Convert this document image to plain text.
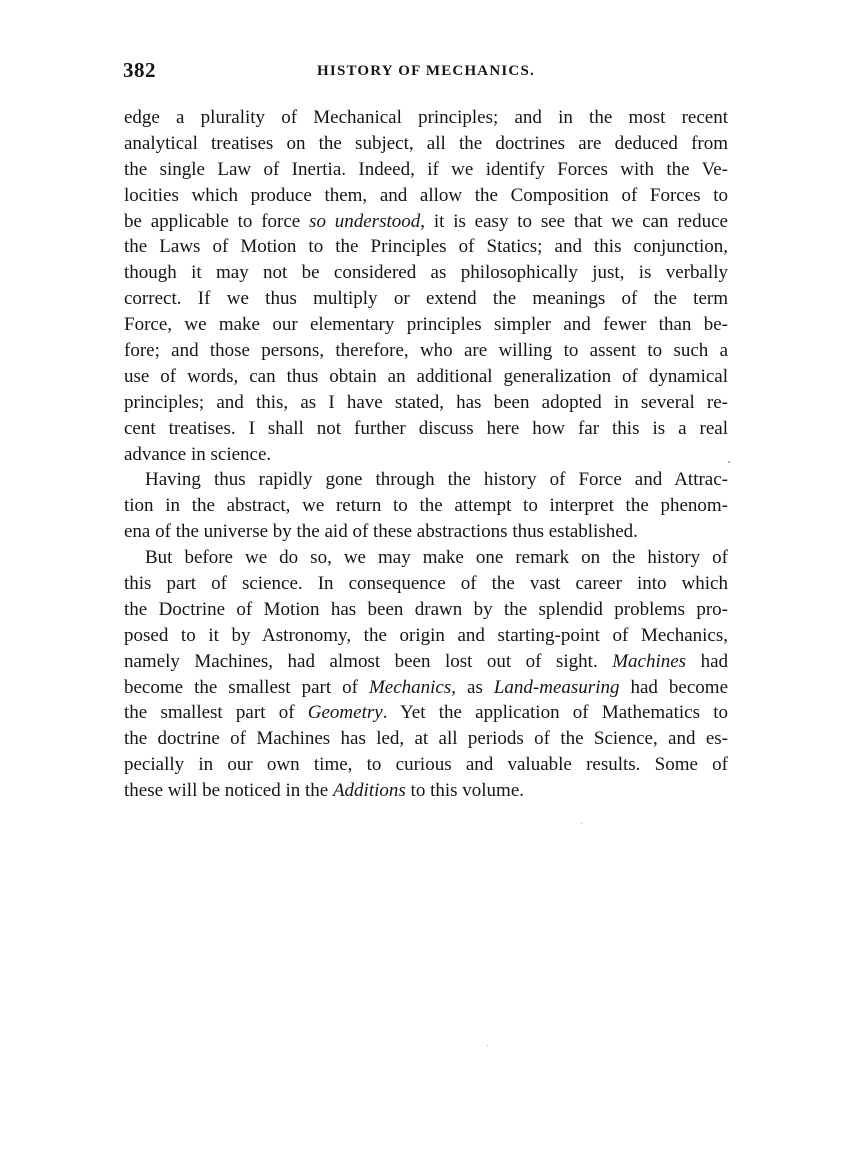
382	HISTORY OF MECHANICS.
edge a plurality of Mechanical principles; and in the most recent
analytical treatises on the subject, all the doctrines are deduced from
the single Law of Inertia. Indeed, if we identify Forces with the Ve-
locities which produce them, and allow the Composition of Forces to
be applicable to force so understood, it is easy to see that we can reduce
the Laws of Motion to the Principles of Statics; and this conjunction,
though it may not be considered as philosophically just, is verbally
correct. If we thus multiply or extend the meanings of the term
Force, we make our elementary principles simpler and fewer than be-
fore; and those persons, therefore, who are willing to assent to such a
use of words, can thus obtain an additional generalization of dynamical
principles; and this, as I have stated, has been adopted in several re-
cent treatises. I shall not further discuss here how far this is a real
advance in science.
Having thus rapidly gone through the history of Force and Attrac-
tion in the abstract, we return to the attempt to interpret the phenom-
ena of the universe by the aid of these abstractions thus established.
But before we do so, we may make one remark on the history of
this part of science. In consequence of the vast career into which
the Doctrine of Motion has been drawn by the splendid problems pro-
posed to it by Astronomy, the origin and starting-point of Mechanics,
namely Machines, had almost been lost out of sight. Machines had
become the smallest part of Mechanics, as Land-measuring had become
the smallest part of Geometry. Yet the application of Mathematics to
the doctrine of Machines has led, at all periods of the Science, and es-
pecially in our own time, to curious and valuable results. Some of
these will be noticed in the Additions to this volume.
